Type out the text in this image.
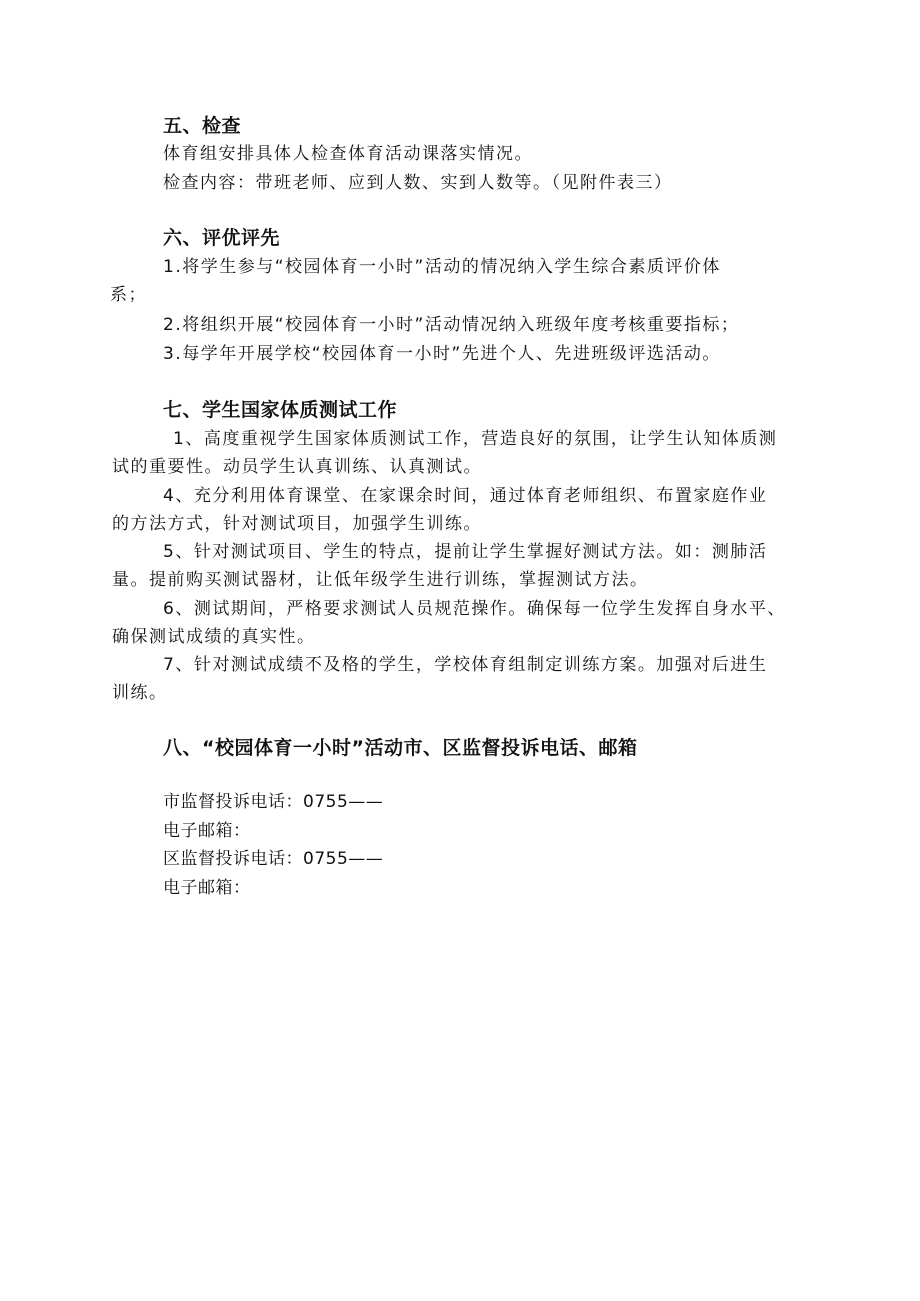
五、检查
体育组安排具体人检查体育活动课落实情况。
检查内容：带班老师、应到人数、实到人数等。（见附件表三）
六、评优评先
1.将学生参与“校园体育一小时”活动的情况纳入学生综合素质评价体
系；
2.将组织开展“校园体育一小时”活动情况纳入班级年度考核重要指标；
3.每学年开展学校“校园体育一小时”先进个人、先进班级评选活动。
七、学生国家体质测试工作
1、高度重视学生国家体质测试工作，营造良好的氛围，让学生认知体质测
试的重要性。动员学生认真训练、认真测试。
4、充分利用体育课堂、在家课余时间，通过体育老师组织、布置家庭作业
的方法方式，针对测试项目，加强学生训练。
5、针对测试项目、学生的特点，提前让学生掌握好测试方法。如：测肺活
量。提前购买测试器材，让低年级学生进行训练，掌握测试方法。
6、测试期间，严格要求测试人员规范操作。确保每一位学生发挥自身水平、
确保测试成绩的真实性。
7、针对测试成绩不及格的学生，学校体育组制定训练方案。加强对后进生
训练。
八、“校园体育一小时”活动市、区监督投诉电话、邮箱
市监督投诉电话：0755——
电子邮箱：
区监督投诉电话：0755——
电子邮箱：
